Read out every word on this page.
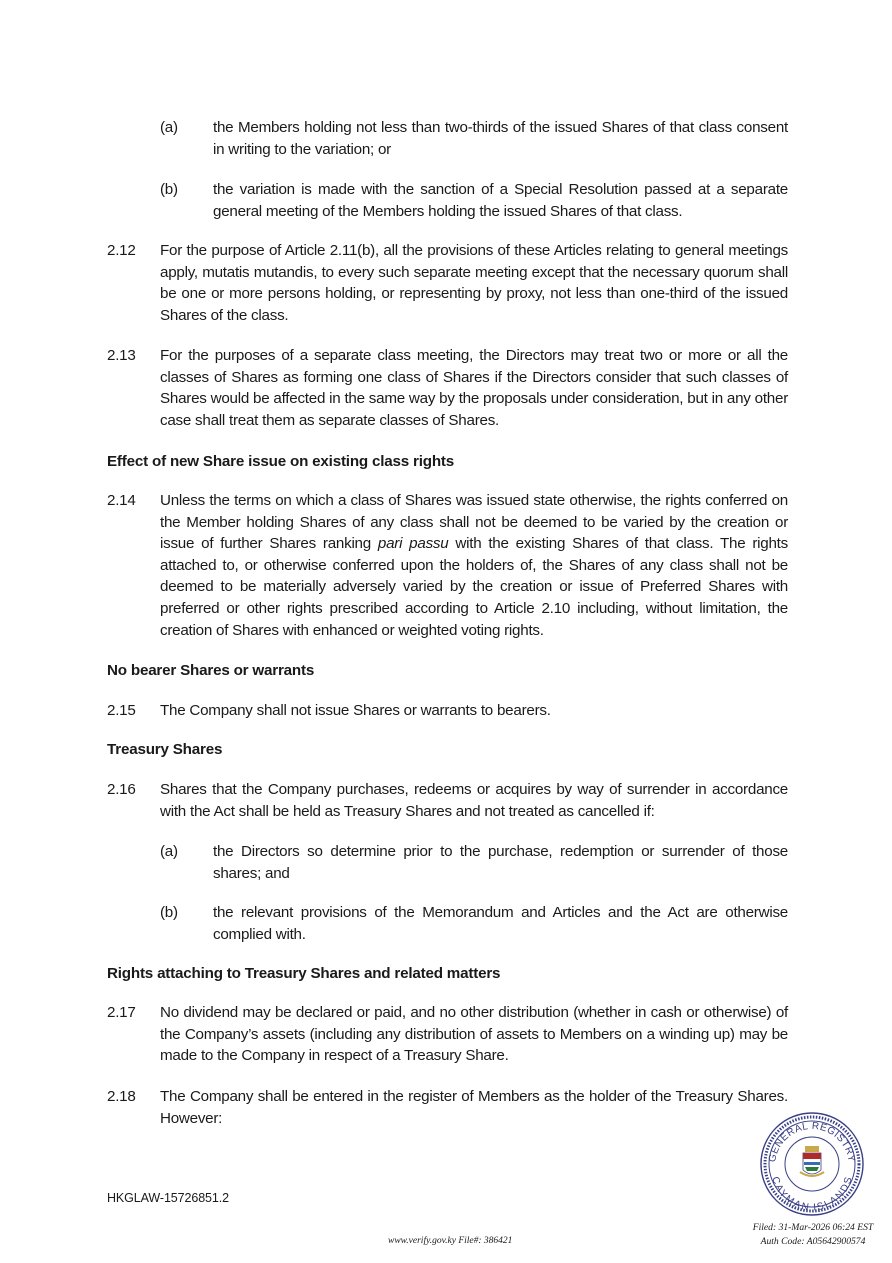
(a) the Members holding not less than two-thirds of the issued Shares of that class consent in writing to the variation; or
(b) the variation is made with the sanction of a Special Resolution passed at a separate general meeting of the Members holding the issued Shares of that class.
2.12 For the purpose of Article 2.11(b), all the provisions of these Articles relating to general meetings apply, mutatis mutandis, to every such separate meeting except that the necessary quorum shall be one or more persons holding, or representing by proxy, not less than one-third of the issued Shares of the class.
2.13 For the purposes of a separate class meeting, the Directors may treat two or more or all the classes of Shares as forming one class of Shares if the Directors consider that such classes of Shares would be affected in the same way by the proposals under consideration, but in any other case shall treat them as separate classes of Shares.
Effect of new Share issue on existing class rights
2.14 Unless the terms on which a class of Shares was issued state otherwise, the rights conferred on the Member holding Shares of any class shall not be deemed to be varied by the creation or issue of further Shares ranking pari passu with the existing Shares of that class. The rights attached to, or otherwise conferred upon the holders of, the Shares of any class shall not be deemed to be materially adversely varied by the creation or issue of Preferred Shares with preferred or other rights prescribed according to Article 2.10 including, without limitation, the creation of Shares with enhanced or weighted voting rights.
No bearer Shares or warrants
2.15 The Company shall not issue Shares or warrants to bearers.
Treasury Shares
2.16 Shares that the Company purchases, redeems or acquires by way of surrender in accordance with the Act shall be held as Treasury Shares and not treated as cancelled if:
(a) the Directors so determine prior to the purchase, redemption or surrender of those shares; and
(b) the relevant provisions of the Memorandum and Articles and the Act are otherwise complied with.
Rights attaching to Treasury Shares and related matters
2.17 No dividend may be declared or paid, and no other distribution (whether in cash or otherwise) of the Company’s assets (including any distribution of assets to Members on a winding up) may be made to the Company in respect of a Treasury Share.
2.18 The Company shall be entered in the register of Members as the holder of the Treasury Shares. However:
HKGLAW-15726851.2
www.verify.gov.ky File#: 386421
GENERAL REGISTRY
CAYMAN ISLANDS
Filed: 31-Mar-2026 06:24 EST
Auth Code: A05642900574
